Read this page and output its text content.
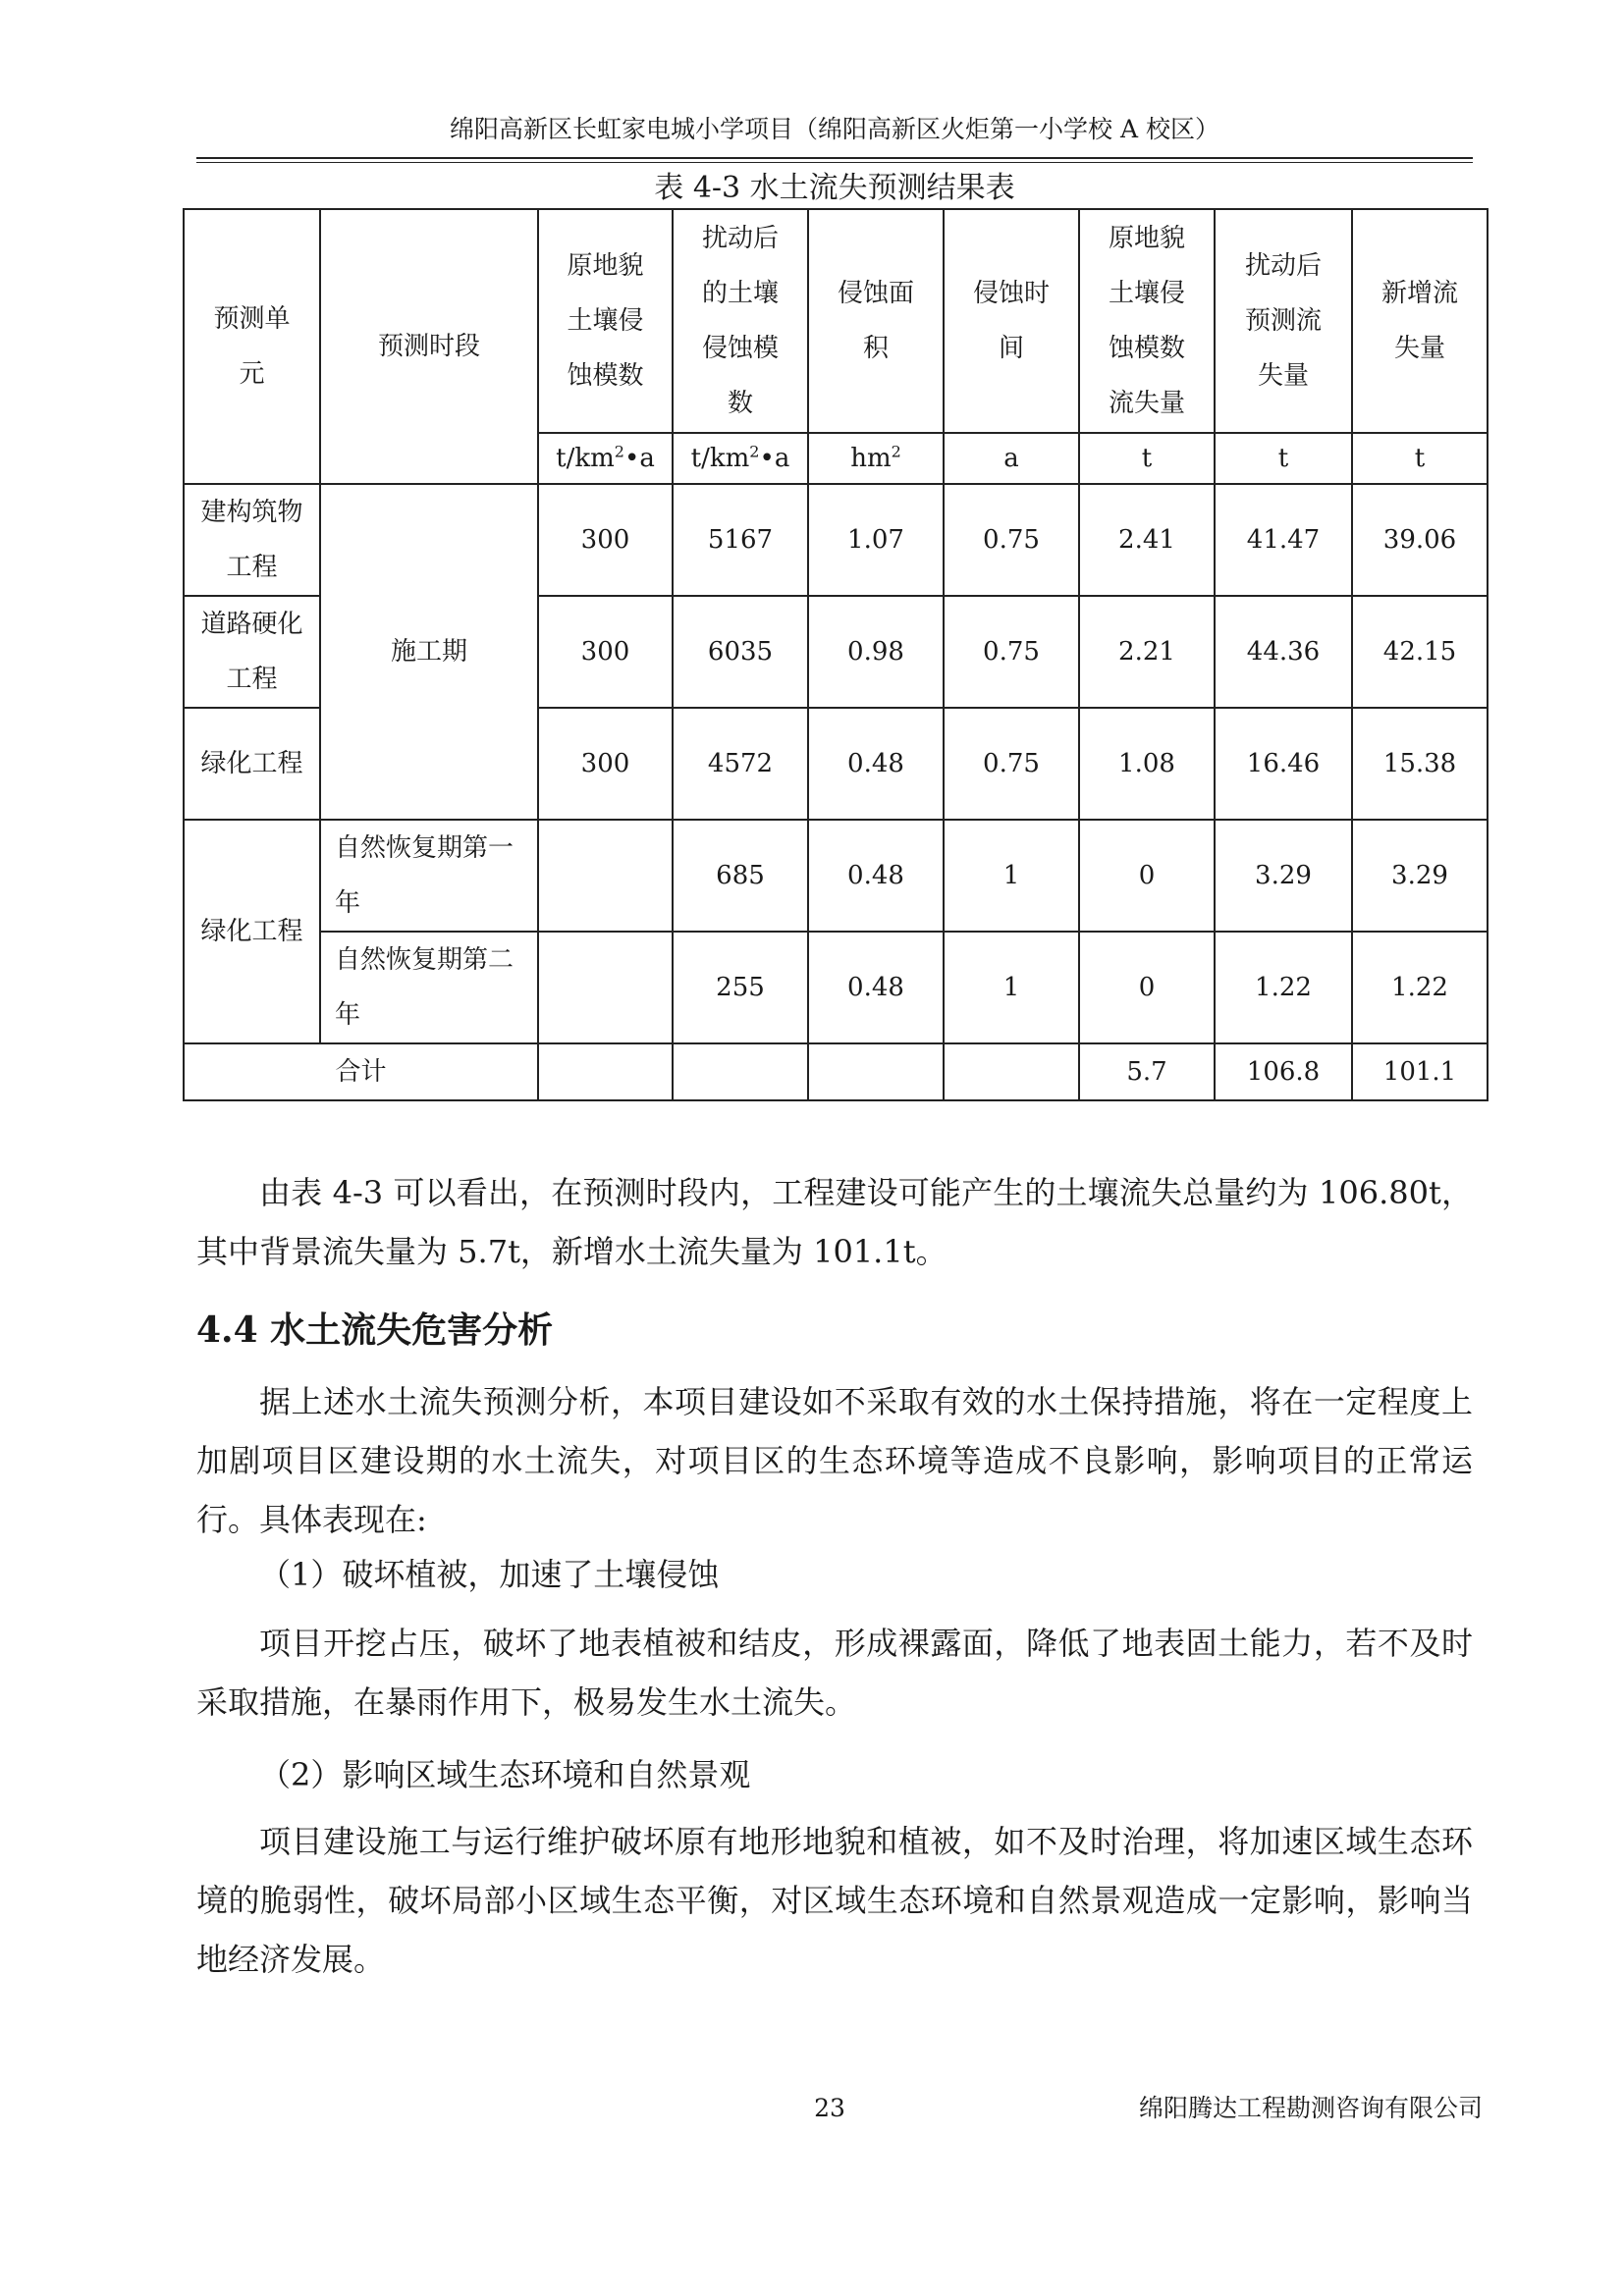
绵阳高新区长虹家电城小学项目（绵阳高新区火炬第一小学校 A 校区）
表 4-3 水土流失预测结果表
预测单元	预测时段	原地貌土壤侵蚀模数	扰动后的土壤侵蚀模数	侵蚀面积	侵蚀时间	原地貌土壤侵蚀模数流失量	扰动后预测流失量	新增流失量
		$t/km^2•a$	$t/km^2•a$	$hm^2$	a	t	t	t
建构筑物工程	施工期	300	5167	1.07	0.75	2.41	41.47	39.06
道路硬化工程		300	6035	0.98	0.75	2.21	44.36	42.15
绿化工程		300	4572	0.48	0.75	1.08	16.46	15.38
绿化工程	自然恢复期第一年		685	0.48	1	0	3.29	3.29
	自然恢复期第二年		255	0.48	1	0	1.22	1.22
合计						5.7	106.8	101.1

由表 4-3 可以看出，在预测时段内，工程建设可能产生的土壤流失总量约为 106.80t，其中背景流失量为 5.7t，新增水土流失量为 101.1t。

4.4 水土流失危害分析

据上述水土流失预测分析，本项目建设如不采取有效的水土保持措施，将在一定程度上加剧项目区建设期的水土流失，对项目区的生态环境等造成不良影响，影响项目的正常运行。具体表现在:

（1）破坏植被，加速了土壤侵蚀

项目开挖占压，破坏了地表植被和结皮，形成裸露面，降低了地表固土能力，若不及时采取措施，在暴雨作用下，极易发生水土流失。

（2）影响区域生态环境和自然景观

项目建设施工与运行维护破坏原有地形地貌和植被，如不及时治理，将加速区域生态环境的脆弱性，破坏局部小区域生态平衡，对区域生态环境和自然景观造成一定影响，影响当地经济发展。

23	绵阳腾达工程勘测咨询有限公司
